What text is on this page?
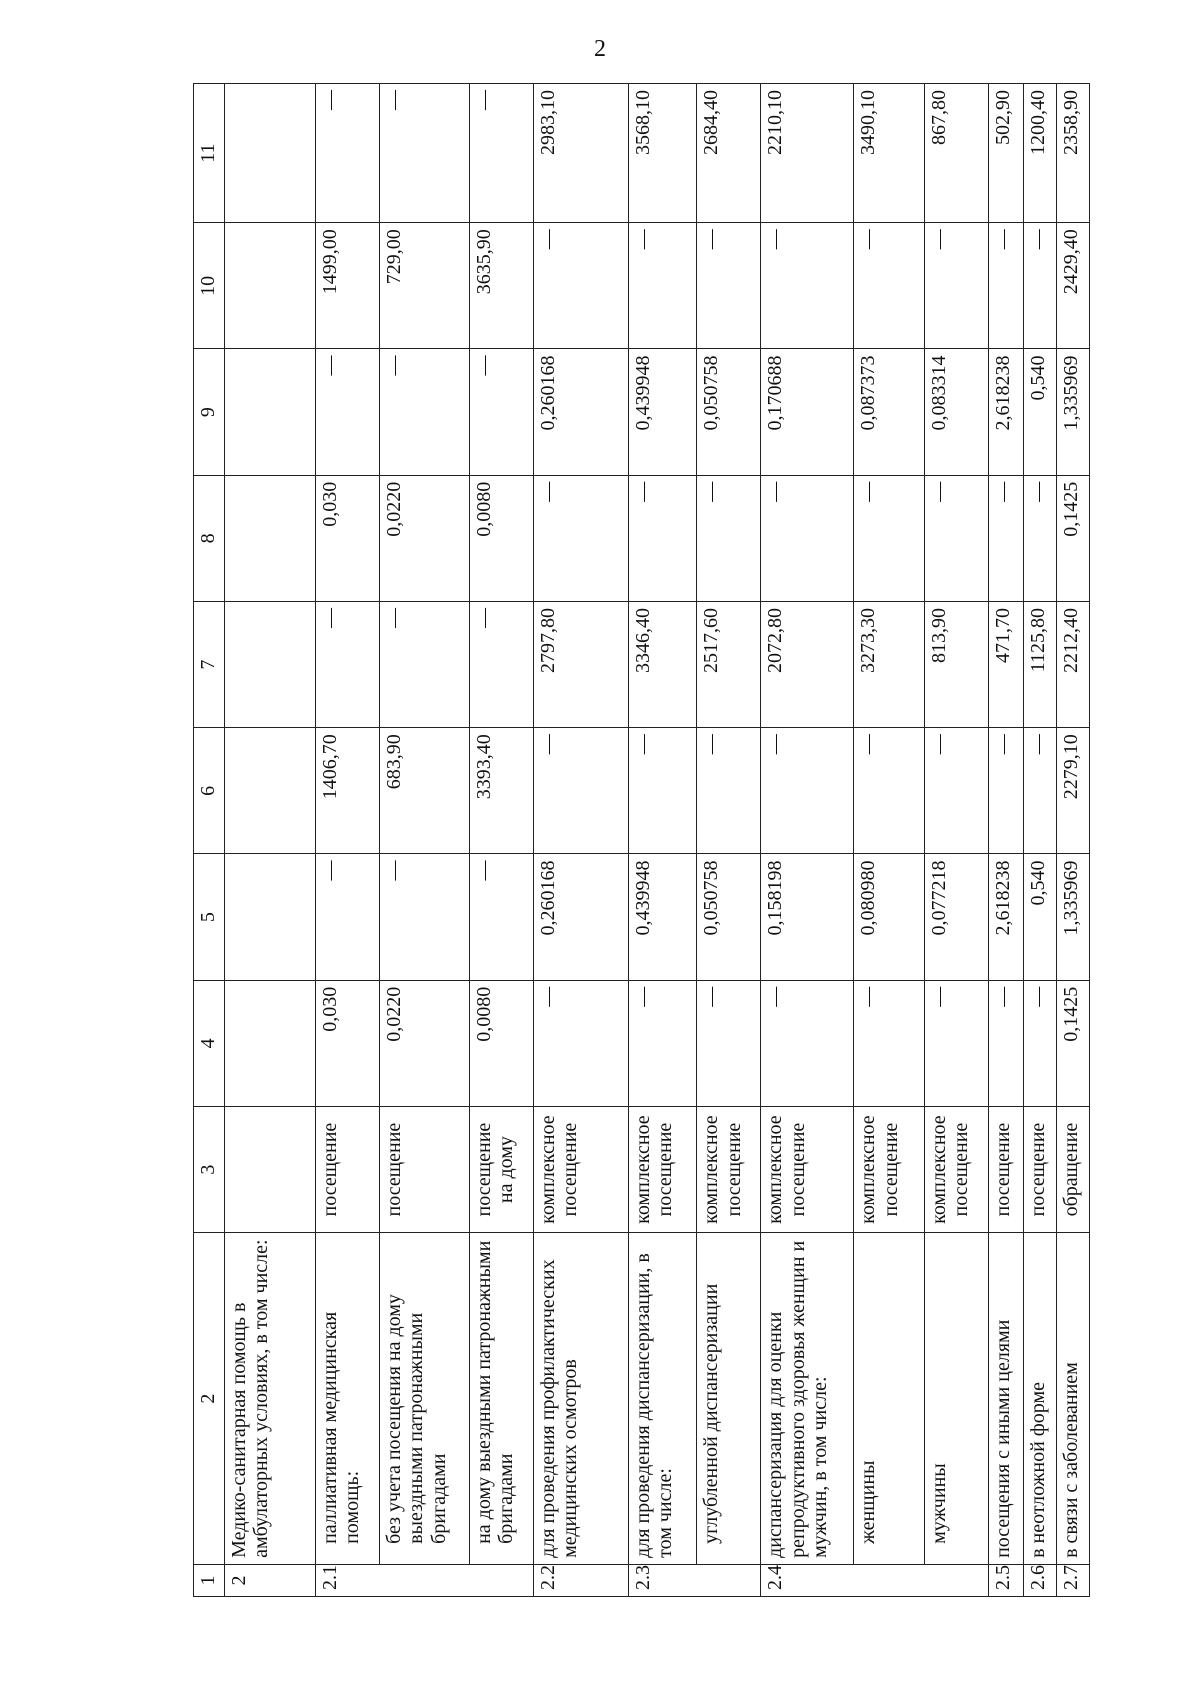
2
1	2	3	4	5	6	7	8	9	10	11
2	Медико-санитарная помощь в амбулаторных условиях, в том числе:									
2.1	паллиативная медицинская помощь:	посещение	0,030	—	1406,70	—	0,030	—	1499,00	—
	без учета посещения на дому выездными патронажными бригадами	посещение	0,0220	—	683,90	—	0,0220	—	729,00	—
	на дому выездными патронажными бригадами	посещение на дому	0,0080	—	3393,40	—	0,0080	—	3635,90	—
2.2	для проведения профилактических медицинских осмотров	комплексное посещение	—	0,260168	—	2797,80	—	0,260168	—	2983,10
2.3	для проведения диспансеризации, в том числе:	комплексное посещение	—	0,439948	—	3346,40	—	0,439948	—	3568,10
	углубленной диспансеризации	комплексное посещение	—	0,050758	—	2517,60	—	0,050758	—	2684,40
2.4	диспансеризация для оценки репродуктивного здоровья женщин и мужчин, в том числе:	комплексное посещение	—	0,158198	—	2072,80	—	0,170688	—	2210,10
	женщины	комплексное посещение	—	0,080980	—	3273,30	—	0,087373	—	3490,10
	мужчины	комплексное посещение	—	0,077218	—	813,90	—	0,083314	—	867,80
2.5	посещения с иными целями	посещение	—	2,618238	—	471,70	—	2,618238	—	502,90
2.6	в неотложной форме	посещение	—	0,540	—	1125,80	—	0,540	—	1200,40
2.7	в связи с заболеванием	обращение	0,1425	1,335969	2279,10	2212,40	0,1425	1,335969	2429,40	2358,90
